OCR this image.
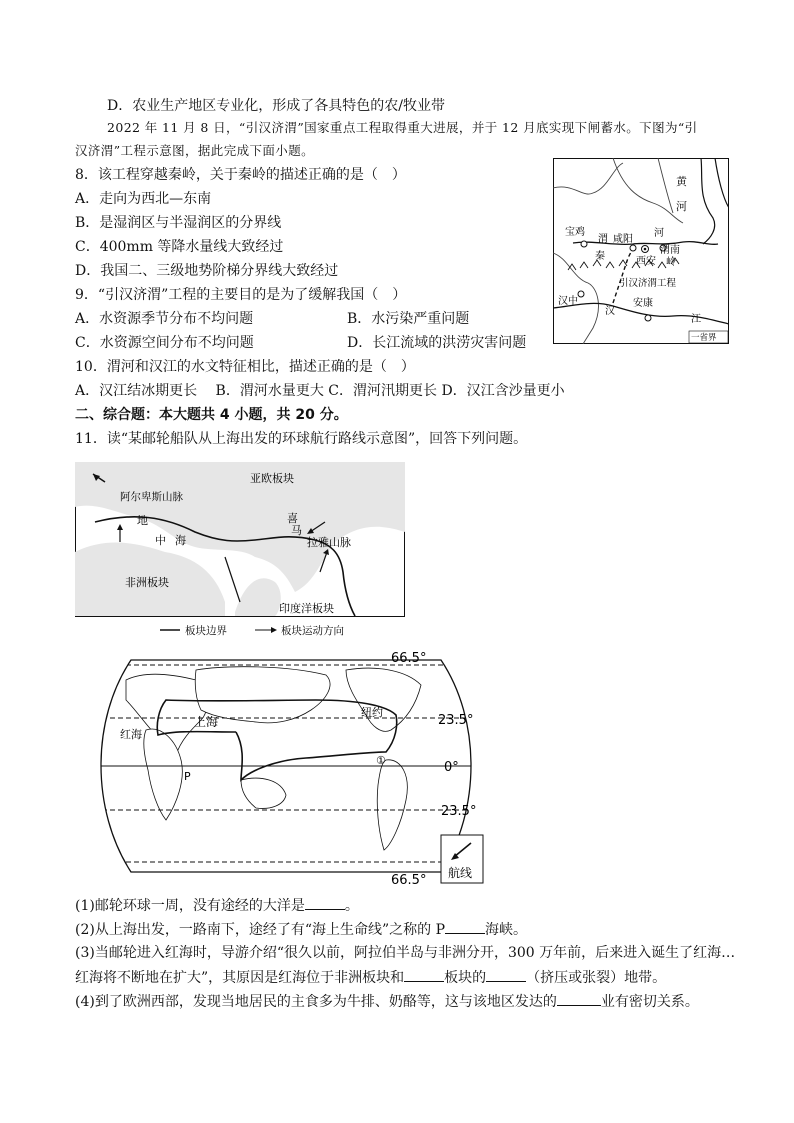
D．农业生产地区专业化，形成了各具特色的农/牧业带
2022 年 11 月 8 日，“引汉济渭”国家重点工程取得重大进展，并于 12 月底实现下闸蓄水。下图为“引
汉济渭”工程示意图，据此完成下面小题。
8．该工程穿越秦岭，关于秦岭的描述正确的是（　）
A．走向为西北—东南
B．是湿润区与半湿润区的分界线
C．400mm 等降水量线大致经过
D．我国二、三级地势阶梯分界线大致经过
9．“引汉济渭”工程的主要目的是为了缓解我国（　）
A．水资源季节分布不均问题	B．水污染严重问题
C．水资源空间分布不均问题	D．长江流域的洪涝灾害问题
10．渭河和汉江的水文特征相比，描述正确的是（　）
A．汉江结冰期更长　 B．渭河水量更大 C．渭河汛期更长 D．汉江含沙量更小
二、综合题：本大题共 4 小题，共 20 分。
11．读“某邮轮船队从上海出发的环球航行路线示意图”，回答下列问题。
黄
河
宝鸡
渭 咸阳
河
渭南
秦	西安 岭
引汉济渭工程
汉中
汉
安康
江
一省界
亚欧板块
阿尔卑斯山脉
地
中 海
喜
马
拉雅山脉
非洲板块
印度洋板块
板块边界	板块运动方向
上海
红海
纽约
P
①
66.5°
23.5°
0°
23.5°
66.5° 航线
(1)邮轮环球一周，没有途经的大洋是	。
(2)从上海出发，一路南下，途经了有“海上生命线”之称的 P	海峡。
(3)当邮轮进入红海时，导游介绍“很久以前，阿拉伯半岛与非洲分开，300 万年前，后来进入诞生了红海…
红海将不断地在扩大”，其原因是红海位于非洲板块和	板块的	（挤压或张裂）地带。
(4)到了欧洲西部，发现当地居民的主食多为牛排、奶酪等，这与该地区发达的	业有密切关系。
